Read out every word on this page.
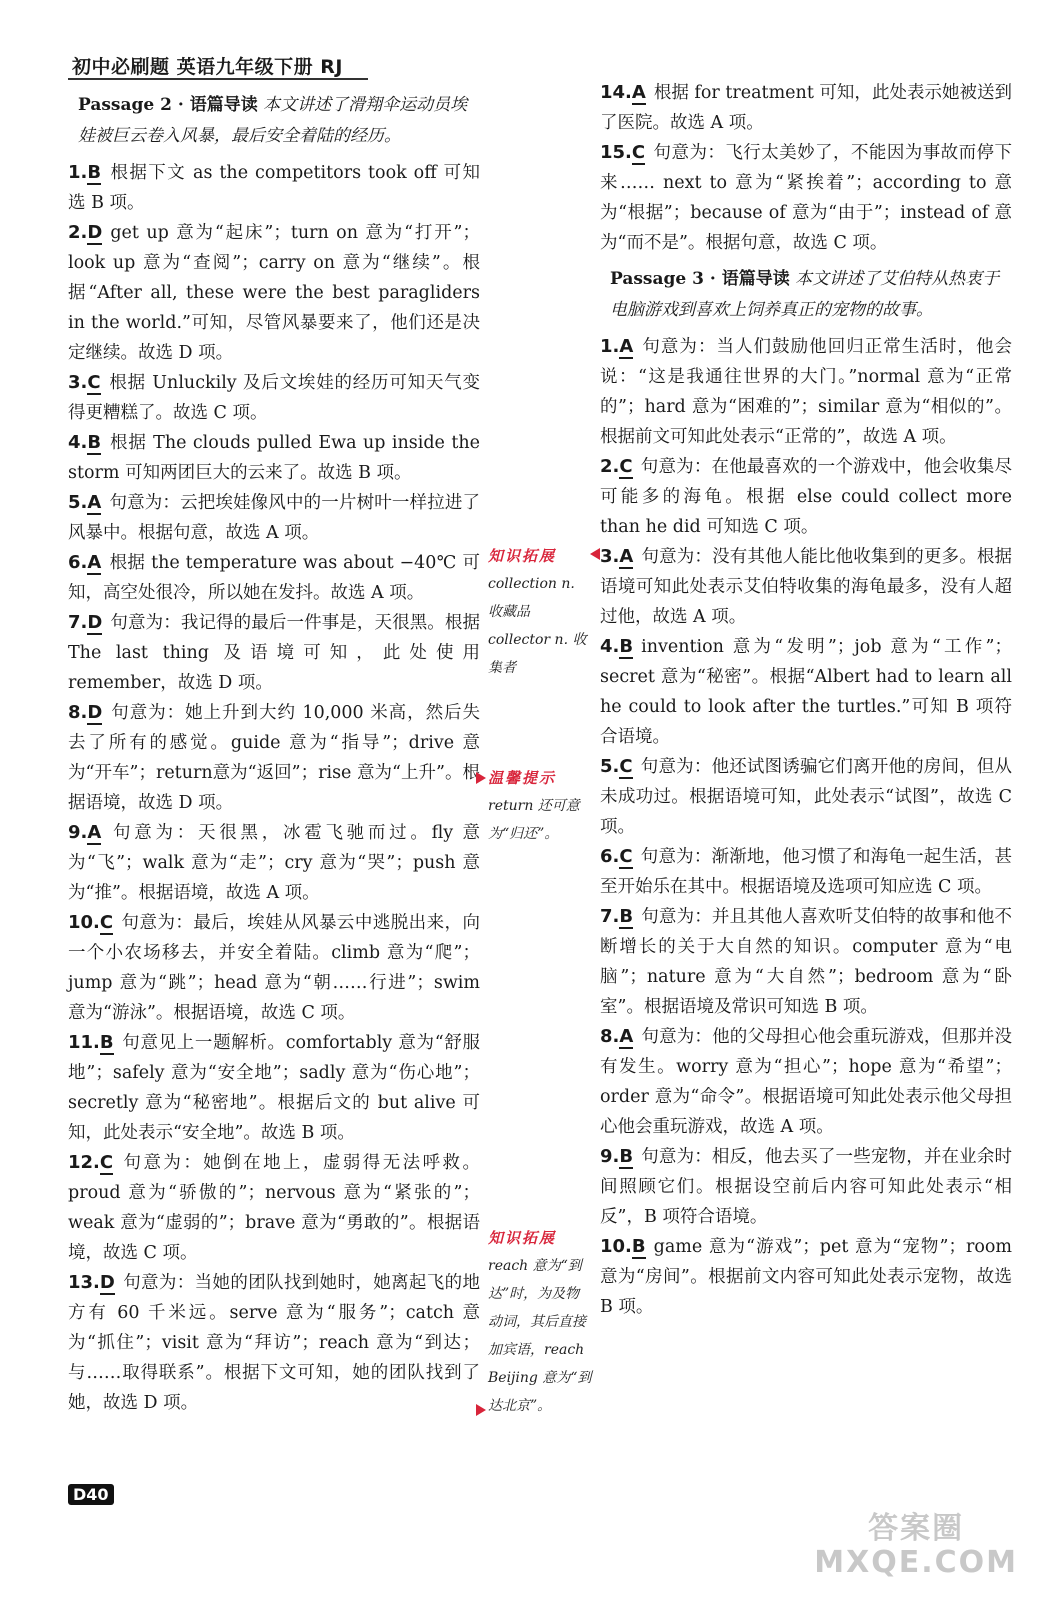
初中必刷题 英语九年级下册 RJ
Passage 2 · 语篇导读 本文讲述了滑翔伞运动员埃娃被巨云卷入风暴，最后安全着陆的经历。
1.B 根据下文 as the competitors took off 可知选 B 项。
2.D get up 意为“起床”；turn on 意为“打开”；look up 意为“查阅”；carry on 意为“继续”。根据“After all, these were the best paragliders in the world.”可知，尽管风暴要来了，他们还是决定继续。故选 D 项。
3.C 根据 Unluckily 及后文埃娃的经历可知天气变得更糟糕了。故选 C 项。
4.B 根据 The clouds pulled Ewa up inside the storm 可知两团巨大的云来了。故选 B 项。
5.A 句意为：云把埃娃像风中的一片树叶一样拉进了风暴中。根据句意，故选 A 项。
6.A 根据 the temperature was about −40℃ 可知，高空处很冷，所以她在发抖。故选 A 项。
7.D 句意为：我记得的最后一件事是，天很黑。根据 The last thing 及语境可知，此处使用 remember，故选 D 项。
8.D 句意为：她上升到大约 10,000 米高，然后失去了所有的感觉。guide 意为“指导”；drive 意为“开车”；return意为“返回”；rise 意为“上升”。根据语境，故选 D 项。
9.A 句意为：天很黑，冰雹飞驰而过。fly 意为“飞”；walk 意为“走”；cry 意为“哭”；push 意为“推”。根据语境，故选 A 项。
10.C 句意为：最后，埃娃从风暴云中逃脱出来，向一个小农场移去，并安全着陆。climb 意为“爬”；jump 意为“跳”；head 意为“朝……行进”；swim 意为“游泳”。根据语境，故选 C 项。
11.B 句意见上一题解析。comfortably 意为“舒服地”；safely 意为“安全地”；sadly 意为“伤心地”；secretly 意为“秘密地”。根据后文的 but alive 可知，此处表示“安全地”。故选 B 项。
12.C 句意为：她倒在地上，虚弱得无法呼救。proud 意为“骄傲的”；nervous 意为“紧张的”；weak 意为“虚弱的”；brave 意为“勇敢的”。根据语境，故选 C 项。
13.D 句意为：当她的团队找到她时，她离起飞的地方有 60 千米远。serve 意为“服务”；catch 意为“抓住”；visit 意为“拜访”；reach 意为“到达；与……取得联系”。根据下文可知，她的团队找到了她，故选 D 项。
知识拓展
collection n. 收藏品 collector n. 收集者
温馨提示
return 还可意为“归还”。
知识拓展
reach 意为“到达”时，为及物动词，其后直接加宾语，reach Beijing 意为“到达北京”。
14.A 根据 for treatment 可知，此处表示她被送到了医院。故选 A 项。
15.C 句意为：飞行太美妙了，不能因为事故而停下来…… next to 意为“紧挨着”；according to 意为“根据”；because of 意为“由于”；instead of 意为“而不是”。根据句意，故选 C 项。
Passage 3 · 语篇导读 本文讲述了艾伯特从热衷于电脑游戏到喜欢上饲养真正的宠物的故事。
1.A 句意为：当人们鼓励他回归正常生活时，他会说：“这是我通往世界的大门。”normal 意为“正常的”；hard 意为“困难的”；similar 意为“相似的”。根据前文可知此处表示“正常的”，故选 A 项。
2.C 句意为：在他最喜欢的一个游戏中，他会收集尽可能多的海龟。根据 else could collect more than he did 可知选 C 项。
3.A 句意为：没有其他人能比他收集到的更多。根据语境可知此处表示艾伯特收集的海龟最多，没有人超过他，故选 A 项。
4.B invention 意为“发明”；job 意为“工作”；secret 意为“秘密”。根据“Albert had to learn all he could to look after the turtles.”可知 B 项符合语境。
5.C 句意为：他还试图诱骗它们离开他的房间，但从未成功过。根据语境可知，此处表示“试图”，故选 C 项。
6.C 句意为：渐渐地，他习惯了和海龟一起生活，甚至开始乐在其中。根据语境及选项可知应选 C 项。
7.B 句意为：并且其他人喜欢听艾伯特的故事和他不断增长的关于大自然的知识。computer 意为“电脑”；nature 意为“大自然”；bedroom 意为“卧室”。根据语境及常识可知选 B 项。
8.A 句意为：他的父母担心他会重玩游戏，但那并没有发生。worry 意为“担心”；hope 意为“希望”；order 意为“命令”。根据语境可知此处表示他父母担心他会重玩游戏，故选 A 项。
9.B 句意为：相反，他去买了一些宠物，并在业余时间照顾它们。根据设空前后内容可知此处表示“相反”，B 项符合语境。
10.B game 意为“游戏”；pet 意为“宠物”；room 意为“房间”。根据前文内容可知此处表示宠物，故选 B 项。
D40
答案圈
MXQE.COM
